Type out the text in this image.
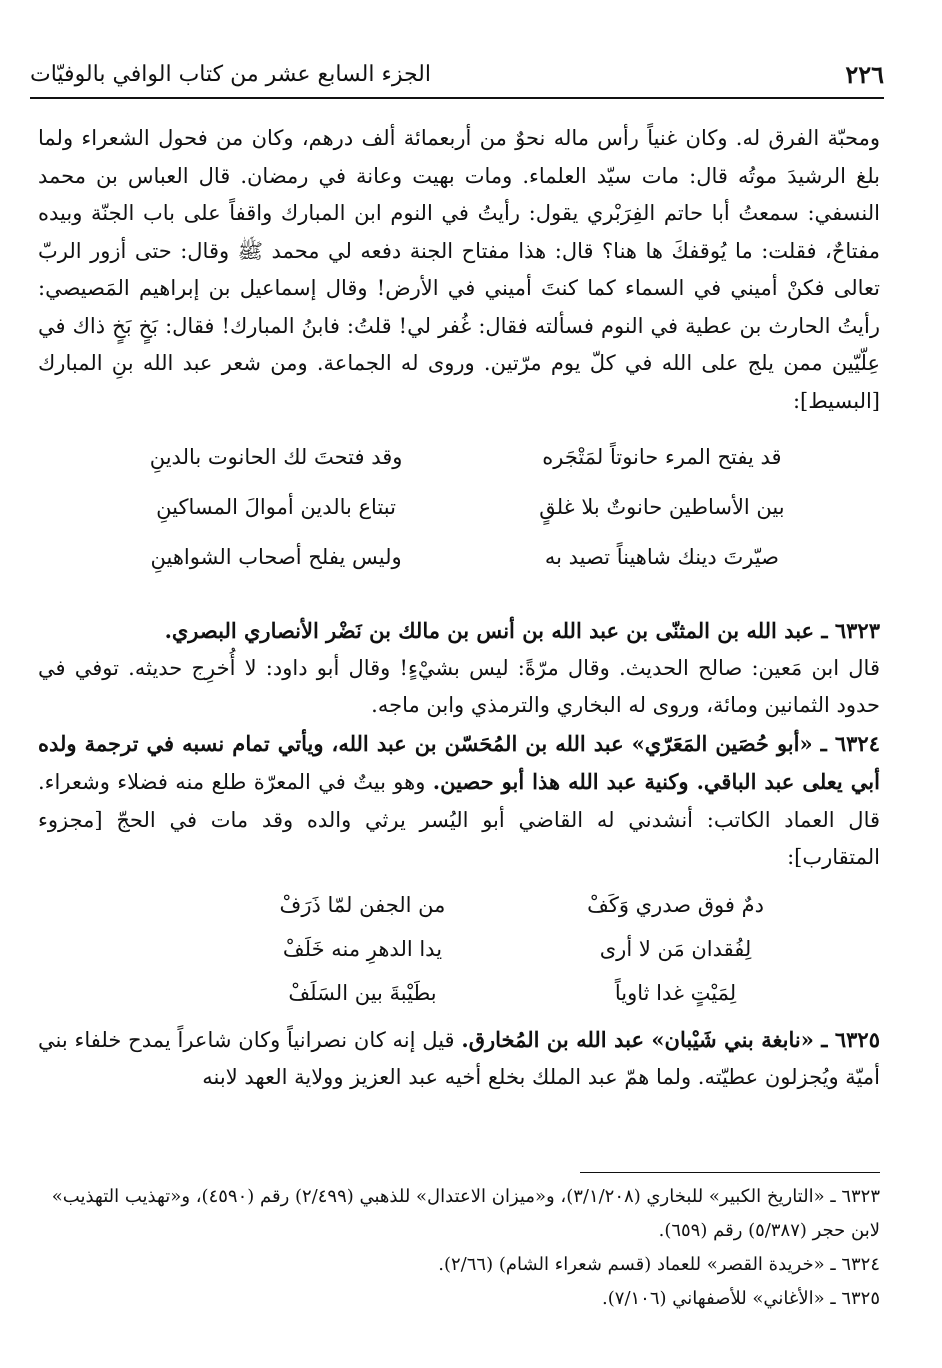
٢٢٦
الجزء السابع عشر من كتاب الوافي بالوفيّات

ومحبّة الفرق له. وكان غنياً رأس ماله نحوٌ من أربعمائة ألف درهم، وكان من فحول الشعراء ولما بلغ الرشيدَ موتُه قال: مات سيّد العلماء. ومات بهيت وعانة في رمضان. قال العباس بن محمد النسفي: سمعتُ أبا حاتم الفِرَبْري يقول: رأيتُ في النوم ابن المبارك واقفاً على باب الجنّة وبيده مفتاحٌ، فقلت: ما يُوقفكَ ها هنا؟ قال: هذا مفتاح الجنة دفعه لي محمد ﷺ وقال: حتى أزور الربّ تعالى فكنْ أميني في السماء كما كنتَ أميني في الأرض! وقال إسماعيل بن إبراهيم المَصيصي: رأيتُ الحارث بن عطية في النوم فسألته فقال: غُفر لي! قلتُ: فابنُ المبارك! فقال: بَخٍ بَخٍ ذاك في عِلّيّين ممن يلج على الله في كلّ يوم مرّتين. وروى له الجماعة. ومن شعر عبد الله بنِ المبارك [البسيط]:

قد يفتح المرء حانوتاً لمَتْجَره
وقد فتحتَ لك الحانوت بالدينِ
بين الأساطين حانوتٌ بلا غلقٍ
تبتاع بالدين أموالَ المساكينِ
صيّرتَ دينك شاهيناً تصيد به
وليس يفلح أصحاب الشواهينِ

٦٣٢٣ ـ عبد الله بن المثنّى بن عبد الله بن أنس بن مالك بن نَضْر الأنصاري البصري.

قال ابن مَعين: صالح الحديث. وقال مرّةً: ليس بشيْءٍ! وقال أبو داود: لا أُخرِج حديثه. توفي في حدود الثمانين ومائة، وروى له البخاري والترمذي وابن ماجه.

٦٣٢٤ ـ «أبو حُصَين المَعَرّي» عبد الله بن المُحَسّن بن عبد الله، ويأتي تمام نسبه في ترجمة ولده أبي يعلى عبد الباقي. وكنية عبد الله هذا أبو حصين. وهو بيتٌ في المعرّة طلع منه فضلاء وشعراء. قال العماد الكاتب: أنشدني له القاضي أبو اليُسر يرثي والده وقد مات في الحجّ [مجزوء المتقارب]:

دمٌ فوق صدري وَكَفْ
من الجفن لمّا ذَرَفْ
لِفُقدان مَن لا أرى
يدا الدهرِ منه خَلَفْ
لِمَيْتٍ غدا ثاوياً
بطَيْبةَ بين السَلَفْ

٦٣٢٥ ـ «نابغة بني شَيْبان» عبد الله بن المُخارق. قيل إنه كان نصرانياً وكان شاعراً يمدح خلفاء بني أميّة ويُجزلون عطيّته. ولما همّ عبد الملك بخلع أخيه عبد العزيز وولاية العهد لابنه

٦٣٢٣ ـ «التاريخ الكبير» للبخاري (٣/١/٢٠٨)، و«ميزان الاعتدال» للذهبي (٢/٤٩٩) رقم (٤٥٩٠)، و«تهذيب التهذيب» لابن حجر (٥/٣٨٧) رقم (٦٥٩).

٦٣٢٤ ـ «خريدة القصر» للعماد (قسم شعراء الشام) (٢/٦٦).

٦٣٢٥ ـ «الأغاني» للأصفهاني (٧/١٠٦).
